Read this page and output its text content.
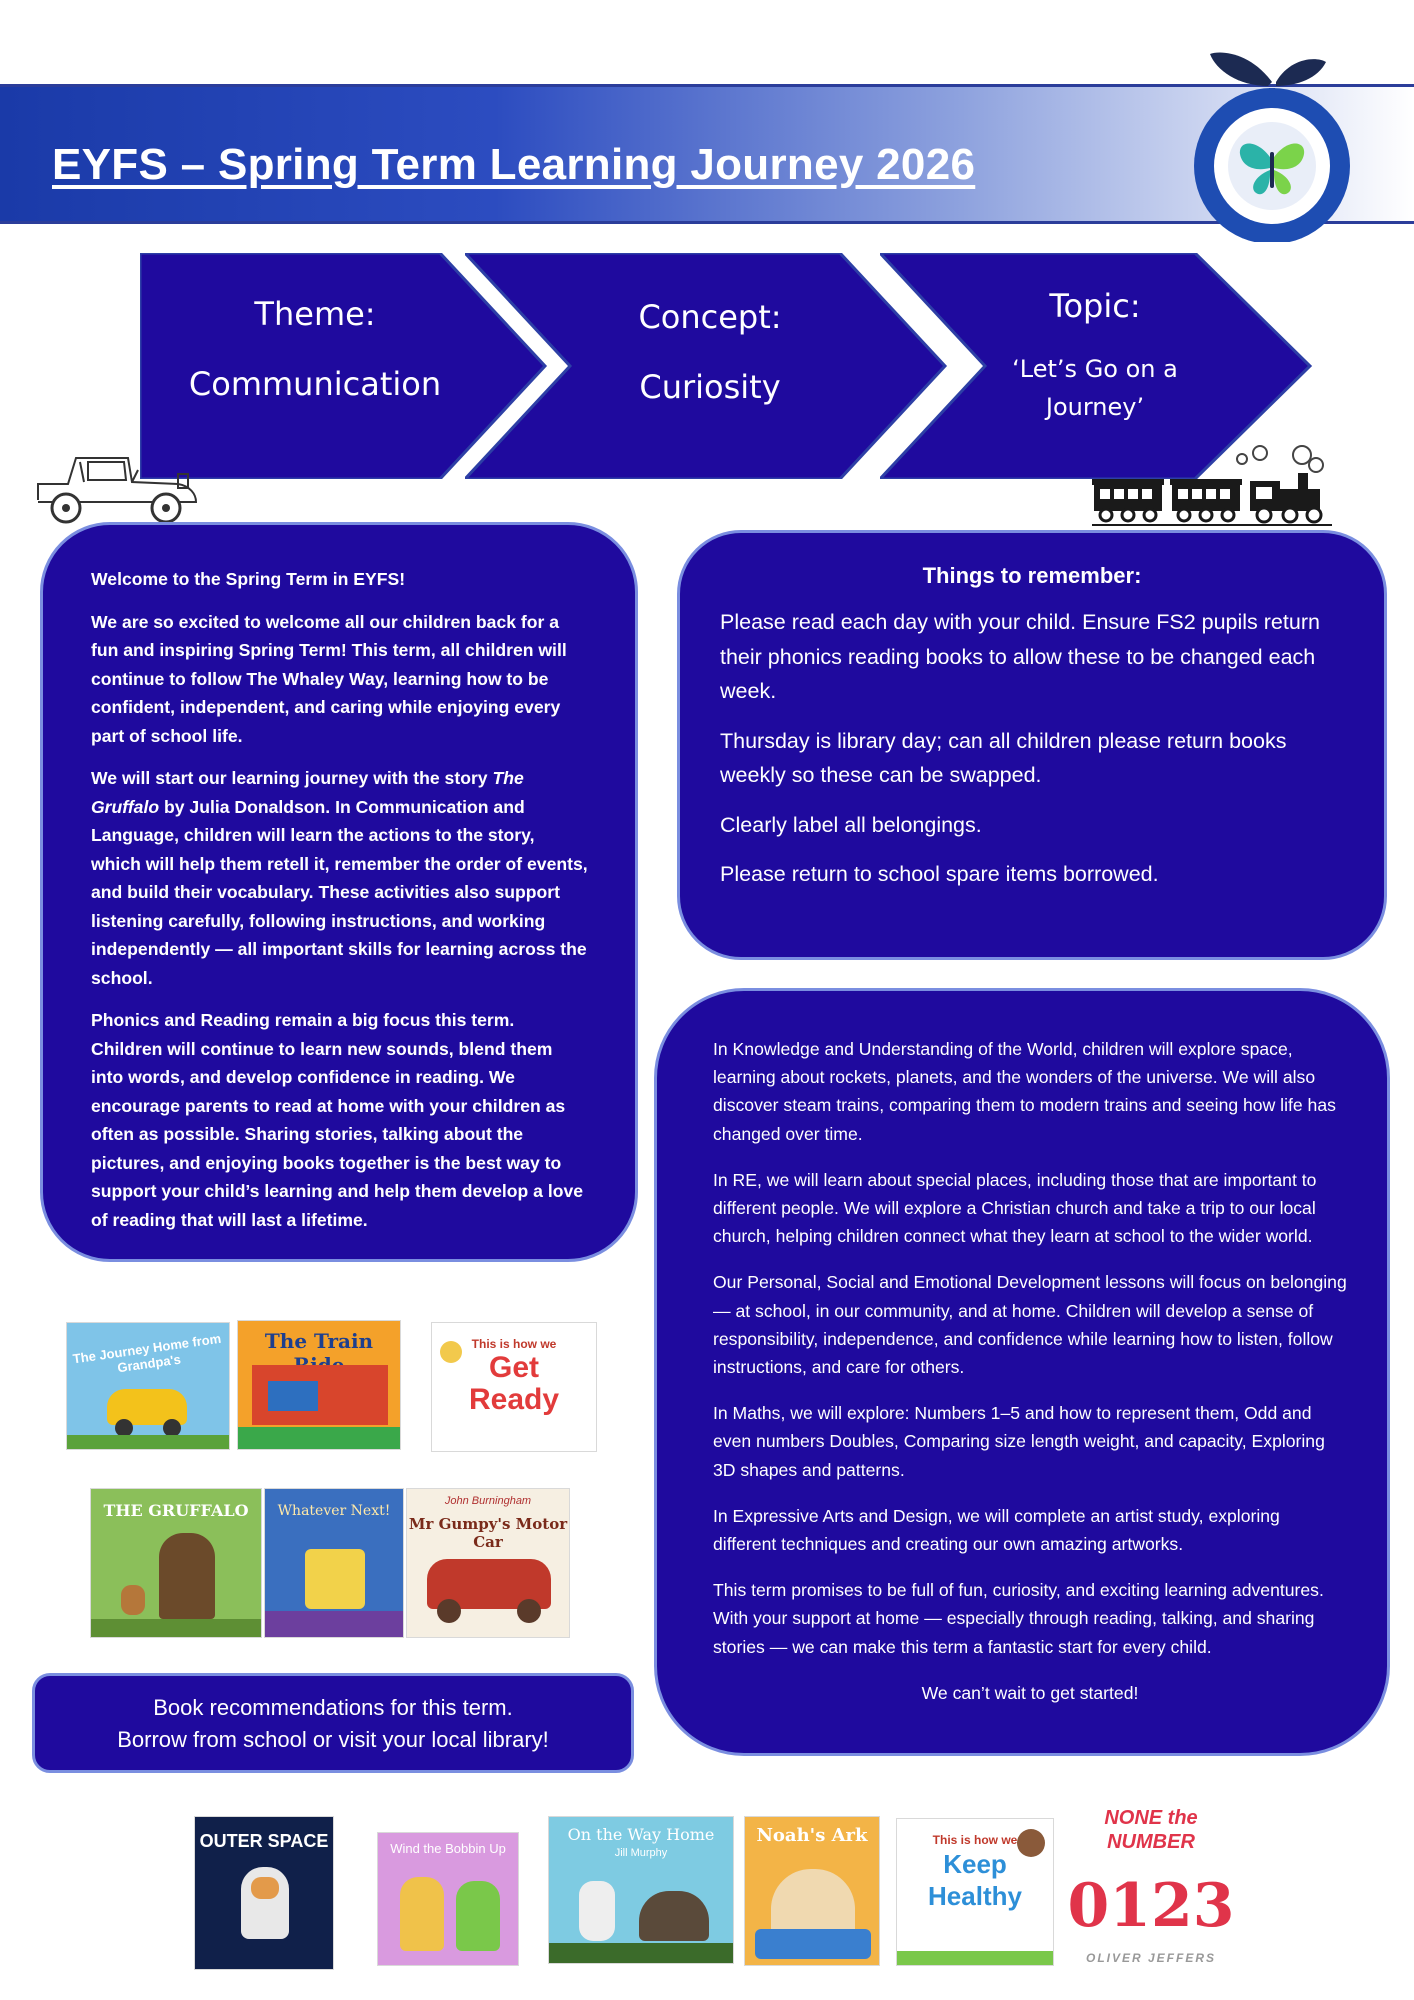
EYFS – Spring Term Learning Journey 2026
Theme:
Communication
Concept:
Curiosity
Topic:
‘Let’s Go on a
Journey’

Welcome to the Spring Term in EYFS!

We are so excited to welcome all our children back for a fun and inspiring Spring Term! This term, all children will continue to follow The Whaley Way, learning how to be confident, independent, and caring while enjoying every part of school life.

We will start our learning journey with the story The Gruffalo by Julia Donaldson. In Communication and Language, children will learn the actions to the story, which will help them retell it, remember the order of events, and build their vocabulary. These activities also support listening carefully, following instructions, and working independently — all important skills for learning across the school.

Phonics and Reading remain a big focus this term. Children will continue to learn new sounds, blend them into words, and develop confidence in reading. We encourage parents to read at home with your children as often as possible. Sharing stories, talking about the pictures, and enjoying books together is the best way to support your child’s learning and help them develop a love of reading that will last a lifetime.

Things to remember:

Please read each day with your child. Ensure FS2 pupils return their phonics reading books to allow these to be changed each week.

Thursday is library day; can all children please return books weekly so these can be swapped.

Clearly label all belongings.

Please return to school spare items borrowed.

In Knowledge and Understanding of the World, children will explore space, learning about rockets, planets, and the wonders of the universe. We will also discover steam trains, comparing them to modern trains and seeing how life has changed over time.

In RE, we will learn about special places, including those that are important to different people. We will explore a Christian church and take a trip to our local church, helping children connect what they learn at school to the wider world.

Our Personal, Social and Emotional Development lessons will focus on belonging — at school, in our community, and at home. Children will develop a sense of responsibility, independence, and confidence while learning how to listen, follow instructions, and care for others.

In Maths, we will explore: Numbers 1–5 and how to represent them, Odd and even numbers Doubles, Comparing size length weight, and capacity, Exploring 3D shapes and patterns.

In Expressive Arts and Design, we will complete an artist study, exploring different techniques and creating our own amazing artworks.

This term promises to be full of fun, curiosity, and exciting learning adventures. With your support at home — especially through reading, talking, and sharing stories — we can make this term a fantastic start for every child.

We can’t wait to get started!

The Journey Home from Grandpa's
The Train	This is how we
Get
Ready
THE GRUFFALO	Whatever Next!
John Burningham
Mr Gumpy's Motor Car

Book recommendations for this term.

Borrow from school or visit your local library!

OUTER SPACE	Wind the Bobbin Up
On the Way Home
Jill Murphy
Noah's Ark	This is how we
Keep
Healthy
NONE the
NUMBER
0123
OLIVER JEFFERS
